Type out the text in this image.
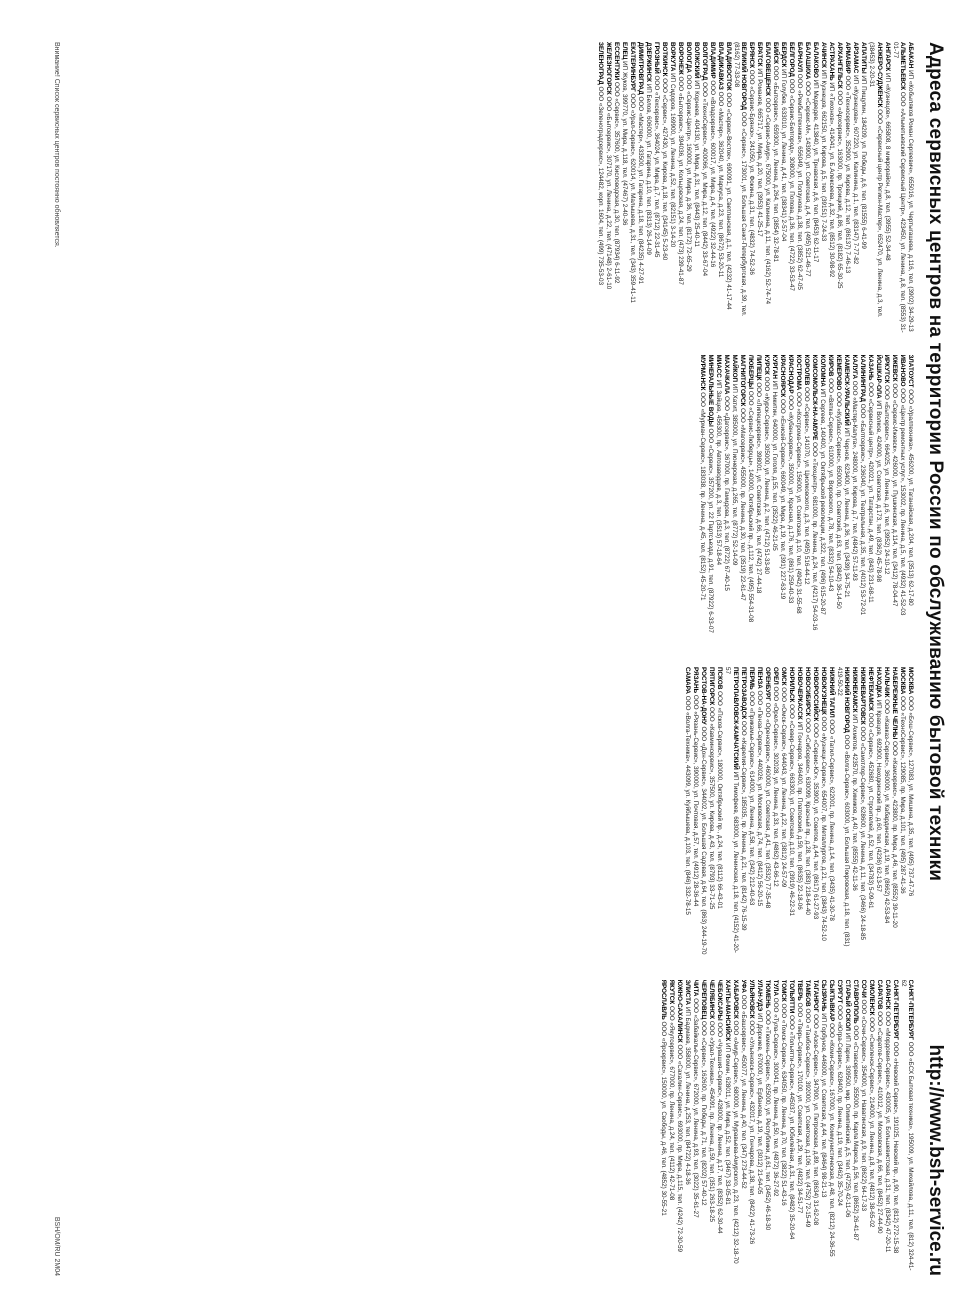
Адреса сервисных центров на территории России по обслуживанию бытовой техники
http://www.bsh-service.ru
АБАКАН ИП «Кобыляков Роман Сергеевич», 655016, ул. Чертыгашева, д.116, тел. (3902) 34-29-13
АЛЬМЕТЬЕВСК ООО «Альметьевский Сервисный Центр», 423450, ул. Ленина, д.8, тел. (8553) 31-01-77
АНГАРСК ИП «Кузнецов», 665808, 8 микрорайон, д.8, тел. (3955) 52-34-48
АНЖЕРО-СУДЖЕНСК ООО «Сервисный центр Регион-Мастер», 652470, ул. Ленина, д.3, тел. (38453) 2-20-31
АПАТИТЫ ИП Пищулин, 184209, ул. Победы, д.6, тел. (81555) 6-41-99
АРЗАМАС ИП «Кузнецова», 607220, ул. Калинина, д.1, тел. (83147) 7-77-82
АРМАВИР ООО «Техносервис», 352900, ул. Кирова, д.12, тел. (86137) 7-46-13
АРХАНГЕЛЬСК ООО «Архсервис», 163000, пр. Троицкий, д.86, тел. (8182) 65-30-25
АСТРАХАНЬ ИП «Тихонов», 414041, ул. Б.Алексеева, д.32, тел. (8512) 30-98-92
АЧИНСК ИП Кузнецов, 662150, ул. Кирова, д.5, тел. (39151) 7-24-33
БАЛАКОВО ИП Медведев, 413840, ул. Трнавская, д.6, тел. (8453) 62-11-17
БАЛАШИХА ООО «Сервис-М», 143900, ул. Советская, д.4, тел. (495) 521-46-77
БАРНАУЛ ООО «Рембыттехника», 656049, ул. Ползунова, д.38, тел. (3852) 62-47-05
БЕЛГОРОД ООО «Сервис-Белгород», 308000, ул. Попова, д.36, тел. (4722) 33-53-47
БЕРДСК ИП Голубев, 633010, ул. Ленина, д.41, тел. (38341) 2-57-04
БИЙСК ООО «Бытсервис», 659300, ул. Ленина, д.264, тел. (3854) 32-78-81
БЛАГОВЕЩЕНСК ООО «Сервис-Амур», 675000, ул. Калинина, д.11, тел. (4162) 52-74-74
БРАТСК ИП Романов, 665717, ул. Мира, д.20, тел. (3953) 41-25-17
БРЯНСК ООО «Сервис-Брянск», 241050, ул. Фокина, д.31, тел. (4832) 74-52-36
ВЕЛИКИЙ НОВГОРОД ООО «Сервис», 173001, ул. Большая Санкт-Петербургская, д.39, тел. (8162) 77-33-08
ВЛАДИВОСТОК ООО «Сервис-Восток», 690091, ул. Светланская, д.1, тел. (4232) 41-17-44
ВЛАДИКАВКАЗ ООО «Мастер», 362040, ул. Маркуса, д.23, тел. (8672) 53-20-11
ВЛАДИМИР ООО «Владсервис», 600017, ул. Мира, д.4, тел. (4922) 32-44-16
ВОЛГОГРАД ООО «ТехноСервис», 400066, ул. Мира, д.12, тел. (8442) 33-67-04
ВОЛЖСКИЙ ИП Корнеев, 404130, ул. Мира, д.31, тел. (8443) 25-40-11
ВОЛОГДА ООО «Сервис-Центр», 160000, ул. Мира, д.36, тел. (8172) 72-65-29
ВОРОНЕЖ ООО «Бытсервис», 394036, ул. Кольцовская, д.24, тел. (473) 239-41-87
ВОРКУТА ИП Сидоров, 169900, ул. Ленина, д.52, тел. (82151) 3-14-20
ВОТКИНСК ООО «Сервис», 427430, ул. Кирова, д.18, тел. (34145) 5-23-60
ГРОЗНЫЙ ООО «Техсервис», 364024, ул. Мира, д.7, тел. (8712) 22-31-45
ДЗЕРЖИНСК ИП Белов, 606000, ул. Гагарина, д.10, тел. (8313) 26-14-09
ДИМИТРОВГРАД ООО «Мастер», 433500, ул. Гагарина, д.18, тел. (84235) 4-27-91
ЕКАТЕРИНБУРГ ООО «Урал-Сервис», 620014, ул. Малышева, д.31, тел. (343) 359-41-11
ЕЛЕЦ ИП Жуков, 399770, ул. Мира, д.118, тел. (47467) 2-40-36
ЕССЕНТУКИ ООО «Сервис», 357600, ул. Кисловодская, д.30, тел. (87934) 6-11-92
ЖЕЛЕЗНОГОРСК ООО «Бытсервис», 307170, ул. Ленина, д.22, тел. (47148) 2-61-10
ЗЕЛЕНОГРАД ООО «Зеленоградсервис», 124482, корп. 1604, тел. (499) 735-53-03
ЗЛАТОУСТ ООО «Уралтехника», 456200, ул. Таганайская, д.204, тел. (3513) 62-17-80
ИВАНОВО ООО «Центр ремонтных услуг», 153002, пр. Ленина, д.5, тел. (4932) 41-52-03
ИЖЕВСК ООО «Сервис-Ижевск», 426000, ул. Пушкинская, д.114, тел. (3412) 78-04-47
ИРКУТСК ООО «Бытсервис», 664025, ул. Ленина, д.6, тел. (3952) 24-10-12
ЙОШКАР-ОЛА ИП Волков, 424000, ул. Советская, д.173, тел. (8362) 45-78-98
КАЗАНЬ ООО «Сервисный центр», 420021, ул. Татарстан, д.49, тел. (843) 231-68-11
КАЛИНИНГРАД ООО «Балтсервис», 236040, ул. Театральная, д.35, тел. (4012) 53-72-01
КАЛУГА ООО «Мастер-Калуга», 248000, ул. Кирова, д.7, тел. (4842) 57-11-93
КАМЕНСК-УРАЛЬСКИЙ ИП Чернов, 623400, ул. Ленина, д.36, тел. (3439) 34-75-21
КЕМЕРОВО ООО «Кузбасс-Сервис», 650000, пр. Советский, д.63, тел. (3842) 36-14-50
КИРОВ ООО «Вятка-Сервис», 610000, ул. Воровского, д.78, тел. (8332) 54-10-43
КОЛОМНА ИП Сергеев, 140400, ул. Октябрьской революции, д.322, тел. (496) 615-20-87
КОМСОМОЛЬСК-НА-АМУРЕ ООО «Техцентр», 681000, пр. Ленина, д.24, тел. (4217) 54-03-16
КОРОЛЕВ ООО «Сервис», 141070, ул. Циолковского, д.3, тел. (495) 516-44-12
КОСТРОМА ООО «Кострома-Сервис», 156000, ул. Советская, д.10, тел. (4942) 31-55-68
КРАСНОДАР ООО «Кубаньсервис», 350000, ул. Красная, д.176, тел. (861) 259-40-33
КРАСНОЯРСК ООО «Енисей-Сервис», 660049, ул. Мира, д.19, тел. (391) 227-63-19
КУРГАН ИП Никитин, 640000, ул. Гоголя, д.55, тел. (3522) 46-21-05
КУРСК ООО «Курск-Сервис», 305000, ул. Ленина, д.2, тел. (4712) 51-33-80
ЛИПЕЦК ООО «Липецксервис», 398001, ул. Советская, д.66, тел. (4742) 27-44-18
ЛЮБЕРЦЫ ООО «Сервис-Люберцы», 140000, Октябрьский пр., д.112, тел. (495) 554-31-08
МАГНИТОГОРСК ООО «Магсервис», 455000, пр. Ленина, д.30, тел. (3519) 22-61-47
МАЙКОП ИП Хатит, 385000, ул. Пионерская, д.265, тел. (8772) 52-14-09
МАХАЧКАЛА ООО «Дагсервис», 367000, пр. Гамидова, д.3, тел. (8722) 67-40-15
МИАСС ИП Зайцев, 456300, пр. Автозаводцев, д.3, тел. (3513) 57-18-64
МИНЕРАЛЬНЫЕ ВОДЫ ООО «Сервис», 357200, ул. 22 Партсъезда, д.91, тел. (87922) 6-33-07
МУРМАНСК ООО «Мурман-Сервис», 183038, пр. Ленина, д.45, тел. (8152) 45-20-71
МОСКВА ООО «Бош-Сервис», 127083, ул. Мишина, д.35, тел. (495) 737-47-76
МОСКВА ООО «ТехноСервис», 129085, пр. Мира, д.101, тел. (495) 287-41-36
НАБЕРЕЖНЫЕ ЧЕЛНЫ ООО «Камсервис», 423800, пр. Мира, д.46, тел. (8552) 39-11-20
НАЛЬЧИК ООО «Кавказ-Сервис», 360000, ул. Кабардинская, д.19, тел. (8662) 42-53-84
НАХОДКА ИП Кравцов, 692900, Находкинский пр., д.60, тел. (4236) 62-13-57
НЕФТЕКАМСК ООО «Сервис», 452680, ул. Строителей, д.52, тел. (34783) 5-09-61
НИЖНЕВАРТОВСК ООО «Самотлор-Сервис», 628600, ул. Ленина, д.11, тел. (3466) 24-18-85
НИЖНЕКАМСК ИП Ахметов, 423570, пр. Химиков, д.40, тел. (8555) 42-11-36
НИЖНИЙ НОВГОРОД ООО «Волга-Сервис», 603000, ул. Большая Покровская, д.18, тел. (831) 419-50-22
НИЖНИЙ ТАГИЛ ООО «Тагил-Сервис», 622001, пр. Ленина, д.14, тел. (3435) 41-30-78
НОВОКУЗНЕЦК ООО «Кузнецк-Сервис», 654007, пр. Металлургов, д.21, тел. (3843) 74-52-10
НОВОРОССИЙСК ООО «Сервис-Юг», 353900, ул. Советов, д.44, тел. (8617) 61-27-93
НОВОСИБИРСК ООО «Сибсервис», 630099, Красный пр., д.28, тел. (383) 218-64-40
НОВОЧЕРКАССК ИП Гончаров, 346400, пр. Платовский, д.59, тел. (8635) 22-18-06
НОРИЛЬСК ООО «Север-Сервис», 663300, ул. Советская, д.10, тел. (3919) 46-22-31
ОМСК ООО «Омск-Сервис», 644043, ул. Ленина, д.22, тел. (3812) 24-57-09
ОРЕЛ ООО «Орел-Сервис», 302028, ул. Ленина, д.33, тел. (4862) 43-66-12
ОРЕНБУРГ ООО «Оренсервис», 460000, ул. Советская, д.41, тел. (3532) 77-35-48
ПЕНЗА ООО «Пенза-Сервис», 440026, ул. Московская, д.74, тел. (8412) 56-20-15
ПЕРМЬ ООО «Прикамье-Сервис», 614000, ул. Ленина, д.58, тел. (342) 212-40-63
ПЕТРОЗАВОДСК ООО «Карелия-Сервис», 185035, пр. Ленина, д.21, тел. (8142) 76-15-39
ПЕТРОПАВЛОВСК-КАМЧАТСКИЙ ИП Тимофеев, 683000, ул. Ленинская, д.18, тел. (4152) 41-20-57
ПСКОВ ООО «Псков-Сервис», 180000, Октябрьский пр., д.24, тел. (8112) 66-43-01
ПЯТИГОРСК ООО «Кавминсервис», 357500, ул. Кирова, д.43, тел. (8793) 33-71-25
РОСТОВ-НА-ДОНУ ООО «Дон-Сервис», 344002, ул. Большая Садовая, д.64, тел. (863) 244-19-70
РЯЗАНЬ ООО «Рязань-Сервис», 390000, ул. Почтовая, д.57, тел. (4912) 28-36-44
САМАРА ООО «Волга-Техника», 443099, ул. Куйбышева, д.103, тел. (846) 332-78-15
САНКТ-ПЕТЕРБУРГ ООО «БСХ Бытовая техника», 195009, ул. Михайлова, д.11, тел. (812) 324-41-62
САНКТ-ПЕТЕРБУРГ ООО «Невский Сервис», 191025, Невский пр., д.90, тел. (812) 272-15-38
САРАНСК ООО «Мордовия-Сервис», 430005, ул. Большевистская, д.31, тел. (8342) 47-20-11
САРАТОВ ООО «Саратов-Сервис», 410012, ул. Московская, д.66, тел. (8452) 27-44-90
СМОЛЕНСК ООО «Смоленск-Сервис», 214000, ул. Ленина, д.8, тел. (4812) 38-65-02
СОЧИ ООО «Сочи-Сервис», 354000, ул. Навагинская, д.9, тел. (8622) 64-17-33
СТАВРОПОЛЬ ООО «Ставсервис», 355000, пр. Карла Маркса, д.56, тел. (8652) 26-41-87
СТАРЫЙ ОСКОЛ ИП Ларин, 309500, мкр. Олимпийский, д.5, тел. (4725) 42-11-06
СУРГУТ ООО «Югра-Сервис», 628400, пр. Ленина, д.19, тел. (3462) 35-70-24
СЫКТЫВКАР ООО «Коми-Сервис», 167000, ул. Коммунистическая, д.48, тел. (8212) 24-36-55
СЫЗРАНЬ ИП Горбунов, 446000, ул. Советская, д.44, тел. (8464) 98-21-13
ТАГАНРОГ ООО «Азов-Сервис», 347900, ул. Петровская, д.89, тел. (8634) 31-62-08
ТАМБОВ ООО «Тамбов-Сервис», 392000, ул. Советская, д.106, тел. (4752) 72-15-49
ТВЕРЬ ООО «Тверь-Сервис», 170100, ул. Советская, д.29, тел. (4822) 34-51-77
ТОЛЬЯТТИ ООО «Тольятти-Сервис», 445037, ул. Юбилейная, д.31, тел. (8482) 35-20-64
ТОМСК ООО «Томск-Сервис», 634050, пр. Ленина, д.70, тел. (3822) 51-43-16
ТУЛА ООО «Тула-Сервис», 300041, пр. Ленина, д.50, тел. (4872) 36-27-92
ТЮМЕНЬ ООО «Тюмень-Сервис», 625000, ул. Республики, д.61, тел. (3452) 46-18-30
УЛАН-УДЭ ИП Доржиев, 670000, ул. Ербанова, д.19, тел. (3012) 21-64-05
УЛЬЯНОВСК ООО «Ульяновск-Сервис», 432017, ул. Гончарова, д.38, тел. (8422) 41-73-26
УФА ООО «Башсервис», 450077, ул. Ленина, д.40, тел. (347) 273-44-52
ХАБАРОВСК ООО «Амур-Сервис», 680000, ул. Муравьева-Амурского, д.23, тел. (4212) 32-18-70
ХАНТЫ-МАНСИЙСК ИП Фомин, 628011, ул. Мира, д.52, тел. (3467) 33-05-81
ЧЕБОКСАРЫ ООО «Чувашия-Сервис», 428000, пр. Ленина, д.17, тел. (8352) 62-30-44
ЧЕЛЯБИНСК ООО «Урал-Техника», 454091, пр. Ленина, д.59, тел. (351) 263-18-25
ЧЕРЕПОВЕЦ ООО «Сервис», 162600, пр. Победы, д.71, тел. (8202) 57-40-12
ЧИТА ООО «Забайкалье-Сервис», 672000, ул. Ленина, д.93, тел. (3022) 35-61-27
ЭЛИСТА ИП Бадмаев, 358000, ул. Ленина, д.253, тел. (84722) 4-18-36
ЮЖНО-САХАЛИНСК ООО «Сахалин-Сервис», 693000, пр. Мира, д.115, тел. (4242) 72-30-59
ЯКУТСК ООО «Якутсервис», 677000, пр. Ленина, д.24, тел. (4112) 42-71-08
ЯРОСЛАВЛЬ ООО «Ярсервис», 150000, ул. Свободы, д.46, тел. (4852) 30-55-21
Внимание! Список сервисных центров постоянно обновляется.
BSH/OM/RU 2M04
